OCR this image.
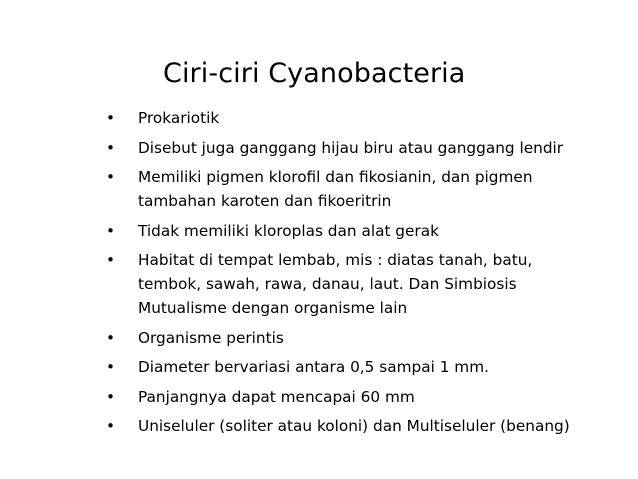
Ciri-ciri Cyanobacteria
• Prokariotik
• Disebut juga ganggang hijau biru atau ganggang lendir
• Memiliki pigmen klorofil dan fikosianin, dan pigmen
tambahan karoten dan fikoeritrin
• Tidak memiliki kloroplas dan alat gerak
• Habitat di tempat lembab, mis : diatas tanah, batu,
tembok, sawah, rawa, danau, laut. Dan Simbiosis
Mutualisme dengan organisme lain
• Organisme perintis
• Diameter bervariasi antara 0,5 sampai 1 mm.
• Panjangnya dapat mencapai 60 mm
• Uniseluler (soliter atau koloni) dan Multiseluler (benang)
